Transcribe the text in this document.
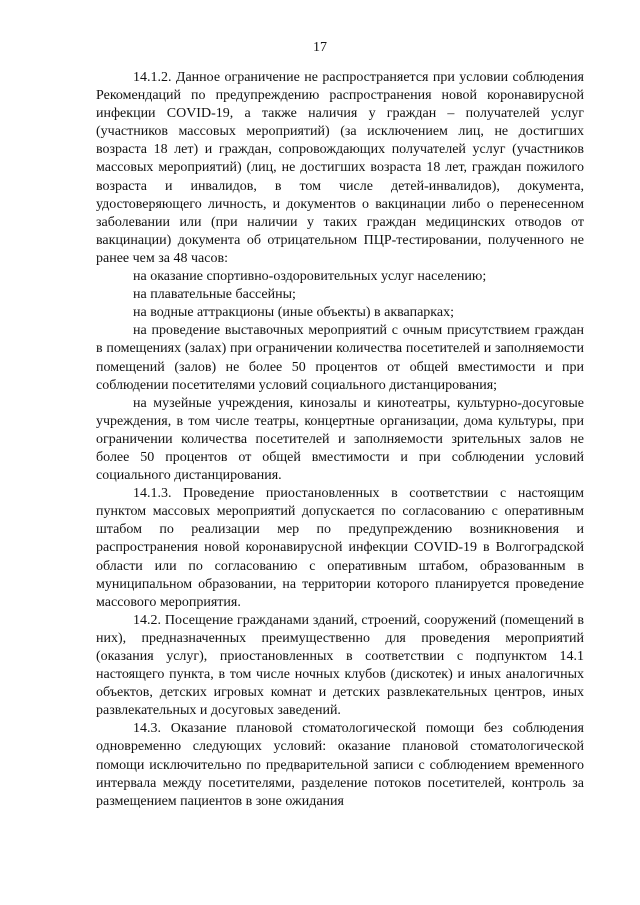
17

14.1.2. Данное ограничение не распространяется при условии соблюдения Рекомендаций по предупреждению распространения новой коронавирусной инфекции COVID-19, а также наличия у граждан – получателей услуг (участников массовых мероприятий) (за исключением лиц, не достигших возраста 18 лет) и граждан, сопровождающих получателей услуг (участников массовых мероприятий) (лиц, не достигших возраста 18 лет, граждан пожилого возраста и инвалидов, в том числе детей-инвалидов), документа, удостоверяющего личность, и документов о вакцинации либо о перенесенном заболевании или (при наличии у таких граждан медицинских отводов от вакцинации) документа об отрицательном ПЦР-тестировании, полученного не ранее чем за 48 часов:

на оказание спортивно-оздоровительных услуг населению;

на плавательные бассейны;

на водные аттракционы (иные объекты) в аквапарках;

на проведение выставочных мероприятий с очным присутствием граждан в помещениях (залах) при ограничении количества посетителей и заполняемости помещений (залов) не более 50 процентов от общей вместимости и при соблюдении посетителями условий социального дистанцирования;

на музейные учреждения, кинозалы и кинотеатры, культурно-досуговые учреждения, в том числе театры, концертные организации, дома культуры, при ограничении количества посетителей и заполняемости зрительных залов не более 50 процентов от общей вместимости и при соблюдении условий социального дистанцирования.

14.1.3. Проведение приостановленных в соответствии с настоящим пунктом массовых мероприятий допускается по согласованию с оперативным штабом по реализации мер по предупреждению возникновения и распространения новой коронавирусной инфекции COVID-19 в Волгоградской области или по согласованию с оперативным штабом, образованным в муниципальном образовании, на территории которого планируется проведение массового мероприятия.

14.2. Посещение гражданами зданий, строений, сооружений (помещений в них), предназначенных преимущественно для проведения мероприятий (оказания услуг), приостановленных в соответствии с подпунктом 14.1 настоящего пункта, в том числе ночных клубов (дискотек) и иных аналогичных объектов, детских игровых комнат и детских развлекательных центров, иных развлекательных и досуговых заведений.

14.3. Оказание плановой стоматологической помощи без соблюдения одновременно следующих условий: оказание плановой стоматологической помощи исключительно по предварительной записи с соблюдением временного интервала между посетителями, разделение потоков посетителей, контроль за размещением пациентов в зоне ожидания
